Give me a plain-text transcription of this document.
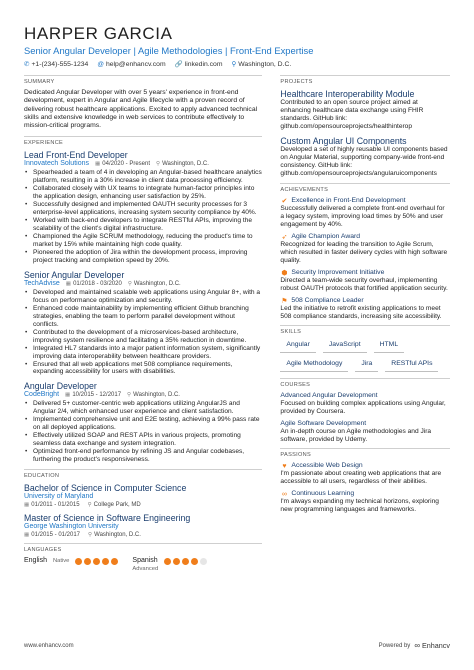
HARPER GARCIA
Senior Angular Developer | Agile Methodologies | Front-End Expertise
✆ +1-(234)-555-1234 @ help@enhancv.com 🔗 linkedin.com ⚲ Washington, D.C.
SUMMARY
Dedicated Angular Developer with over 5 years' experience in front-end development, expert in Angular and Agile lifecycle with a proven record of delivering robust healthcare applications. Excited to apply advanced technical skills and extensive knowledge in web services to contribute effectively to mission-critical programs.
EXPERIENCE
Lead Front-End Developer
Innovatech Solutions ▦ 04/2020 - Present ⚲ Washington, D.C.
• Spearheaded a team of 4 in developing an Angular-based healthcare analytics platform, resulting in a 30% increase in client data processing efficiency.
• Collaborated closely with UX teams to integrate human-factor principles into the application design, enhancing user satisfaction by 25%.
• Successfully designed and implemented OAUTH security processes for 3 enterprise-level applications, increasing system security compliance by 40%.
• Worked with back-end developers to integrate RESTful APIs, improving the scalability of the client's digital infrastructure.
• Championed the Agile SCRUM methodology, reducing the product's time to market by 15% while maintaining high code quality.
• Pioneered the adoption of Jira within the development process, improving project tracking and completion speed by 20%.
Senior Angular Developer
TechAdvise ▦ 01/2018 - 03/2020 ⚲ Washington, D.C.
• Developed and maintained scalable web applications using Angular 8+, with a focus on performance optimization and security.
• Enhanced code maintainability by implementing efficient Github branching strategies, enabling the team to perform parallel development without conflicts.
• Contributed to the development of a microservices-based architecture, improving system resilience and facilitating a 35% reduction in downtime.
• Integrated HL7 standards into a major patient information system, significantly improving data interoperability between healthcare providers.
• Ensured that all web applications met 508 compliance requirements, expanding accessibility for users with disabilities.
Angular Developer
CodeBright ▦ 10/2015 - 12/2017 ⚲ Washington, D.C.
• Delivered 5+ customer-centric web applications utilizing AngularJS and Angular 2/4, which enhanced user experience and client satisfaction.
• Implemented comprehensive unit and E2E testing, achieving a 99% pass rate on all deployed applications.
• Effectively utilized SOAP and REST APIs in various projects, promoting seamless data exchange and system integration.
• Optimized front-end performance by refining JS and Angular codebases, furthering the product's responsiveness.
EDUCATION
Bachelor of Science in Computer Science
University of Maryland
▦ 01/2011 - 01/2015 ⚲ College Park, MD
Master of Science in Software Engineering
George Washington University
▦ 01/2015 - 01/2017 ⚲ Washington, D.C.
LANGUAGES
English Native	Spanish
Advanced
PROJECTS
Healthcare Interoperability Module
Contributed to an open source project aimed at enhancing healthcare data exchange using FHIR standards. GitHub link: github.com/opensourceprojects/healthinterop
Custom Angular UI Components
Developed a set of highly reusable UI components based on Angular Material, supporting company-wide front-end consistency. GitHub link: github.com/opensourceprojects/angularuicomponents
ACHIEVEMENTS
✔ Excellence in Front-End Development
Successfully delivered a complete front-end overhaul for a legacy system, improving load times by 50% and user engagement by 40%.
➶ Agile Champion Award
Recognized for leading the transition to Agile Scrum, which resulted in faster delivery cycles with high software quality.
⬢ Security Improvement Initiative
Directed a team-wide security overhaul, implementing robust OAUTH protocols that fortified application security.
⚑ 508 Compliance Leader
Led the initiative to retrofit existing applications to meet 508 compliance standards, increasing site accessibility.
SKILLS
Angular	JavaScript	HTML
Agile Methodology	Jira	RESTful APIs
COURSES
Advanced Angular Development
Focused on building complex applications using Angular, provided by Coursera.
Agile Software Development
An in-depth course on Agile methodologies and Jira software, provided by Udemy.
PASSIONS
♥ Accessible Web Design
I'm passionate about creating web applications that are accessible to all users, regardless of their abilities.
∞ Continuous Learning
I'm always expanding my technical horizons, exploring new programming languages and frameworks.
www.enhancv.com	Powered by ∞ Enhancv
